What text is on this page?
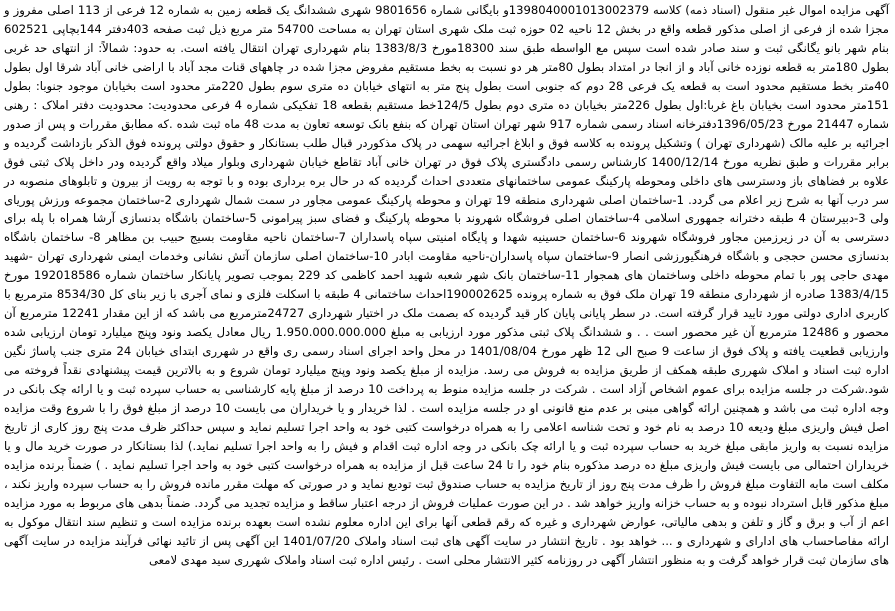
آگهی مزایده اموال غیر منقول (اسناد ذمه) کلاسه 1398040001013002379و بایگانی شماره 9801656 شهری ششدانگ یک قطعه زمین به شماره 12 فرعی از 113 اصلی مفروز و مجزا شده از فرعی از اصلی مذکور قطعه واقع در بخش 12 ناحیه 02 حوزه ثبت ملک شهری استان تهران به مساحت 54700 متر مربع ذیل ثبت صفحه 403دفتر 144بچاپی 602521 بنام شهر بانو یگانگی ثبت و سند صادر شده است سپس مع الواسطه طبق سند 18300مورخ 1383/8/3 بنام شهرداری تهران انتقال یافته است. به حدود: شمالاً: از انتهای حد غربی بطول 180متر به قطعه نوزده خانی آباد و از انجا در امتداد بطول 80متر هر دو نسبت به بخط مستقیم مفروض مجزا شده در چاههای قنات مجد آباد با اراضی خانی آباد شرقا اول بطول 40متر بخط مستقیم محدود است به قطعه یک فرعی 28 دوم که جنوبی است بطول پنج متر به انتهای خیابان ده متری سوم بطول 220متر محدود است بخیابان موجود جنوبا: بطول 151متر محدود است بخیابان باغ غربا:اول بطول 226متر بخیابان ده متری دوم بطول 124/5خط مستقیم بقطعه 18 تفکیکی شماره 4 فرعی محدودیت: محدودیت دفتر املاک : رهنی شماره 21447 مورخ 1396/05/23دفترخانه اسناد رسمی شماره 917 شهر تهران استان تهران که بنفع بانک توسعه تعاون به مدت 48 ماه ثبت شده .که مطابق مقررات و پس از صدور اجرائیه بر علیه مالک (شهرداری تهران ) وتشکیل پرونده به کلاسه فوق و ابلاغ اجرائیه سهمی در پلاک مذکوردر قبال طلب بستانکار و حقوق دولتی پرونده فوق الذکر بازداشت گردیده و برابر مقررات و طبق نظریه مورخ 1400/12/14 کارشناس رسمی دادگستری پلاک فوق در تهران خانی آباد تقاطع خیابان شهرداری وبلوار میلاد واقع گردیده ودر داخل پلاک ثبتی فوق علاوه بر فضاهای باز ودسترسی های داخلی ومحوطه پارکینگ عمومی ساختمانهای متعددی احداث گردیده که در حال بره برداری بوده و با توجه به رویت از بیرون و تابلوهای منصوبه در سر درب آنها به شرح زیر اعلام می گردد. 1-ساختمان اصلی شهرداری منطقه 19 تهران و محوطه پارکینگ عمومی مجاور در سمت شمال شهرداری 2-ساختمان مجموعه ورزش پوریای ولی 3-دبیرستان 4 طبقه دخترانه جمهوری اسلامی 4-ساختمان اصلی فروشگاه شهروند با محوطه پارکینگ و فضای سبز پیرامونی 5-ساختمان باشگاه بدنسازی آرشا همراه با پله برای دسترسی به آن در زیرزمین مجاور فروشگاه شهروند 6-ساختمان حسینیه شهدا و پایگاه امنیتی سپاه پاسداران 7-ساختمان ناحیه مقاومت بسیج حبیب بن مظاهر 8- ساختمان باشگاه بدنسازی محسن حججی و باشگاه فرهنگیورزشی انصار 9-ساختمان سپاه پاسداران-ناحیه مقاومت ابادر 10-ساختمان اصلی سازمان آتش نشانی وخدمات ایمنی شهرداری تهران -شهید مهدی حاجی پور با تمام محوطه داخلی وساختمان های همجوار 11-ساختمان بانک شهر شعبه شهید احمد کاظمی کد 229 بموجب تصویر پایانکار ساختمان شماره 192018586 مورخ 1383/4/15 صادره از شهرداری منطقه 19 تهران ملک فوق به شماره پرونده 190002625احداث ساختمانی 4 طبقه با اسکلت فلزی و نمای آجری با زیر بنای کل 8534/30 مترمربع با کاربری اداری دولتی مورد تایید قرار گرفته است. در سطر پایانی پایان کار قید گردیده که بصمت ملک در اختیار شهرداری 24727مترمربع می باشد که از این مقدار 12241 مترمربع آن محصور و 12486 مترمربع آن غیر محصور است . . و ششدانگ پلاک ثبتی مذکور مورد ارزیابی به مبلغ 1.950.000.000.000 ریال معادل یکصد ونود وپنج میلیارد تومان ارزیابی شده وارزیابی قطعیت یافته و پلاک فوق از ساعت 9 صبح الی 12 ظهر مورخ 1401/08/04 در محل واحد اجرای اسناد رسمی ری واقع در شهرری ابتدای خیابان 24 متری جنب پاساژ نگین اداره ثبت اسناد و املاک شهرری طبقه همکف از طریق مزایده به فروش می رسد. مزایده از مبلغ یکصد ونود وپنج میلیارد تومان شروع و به بالاترین قیمت پیشنهادی نقداً فروخته می شود.شرکت در جلسه مزایده برای عموم اشخاص آزاد است . شرکت در جلسه مزایده منوط به پرداخت 10 درصد از مبلغ پایه کارشناسی به حساب سپرده ثبت و یا ارائه چک بانکی در وجه اداره ثبت می باشد و همچنین ارائه گواهی مبنی بر عدم منع قانونی او در جلسه مزایده است . لذا خریدار و یا خریداران می بایست 10 درصد از مبلغ فوق را با شروع وقت مزایده اصل فیش واریزی مبلغ ودیعه 10 درصد به نام خود و تحت شناسه اعلامی را به همراه درخواست کتبی خود به واحد اجرا تسلیم نماید و سپس حداکثر ظرف مدت پنج روز کاری از تاریخ مزایده نسبت به واریز مابقی مبلغ خرید به حساب سپرده ثبت و یا ارائه چک بانکی در وجه اداره ثبت اقدام و فیش را به واحد اجرا تسلیم نماید.) لذا بستانکار در صورت خرید مال و یا خریداران احتمالی می بایست فیش واریزی مبلغ ده درصد مذکوره بنام خود را تا 24 ساعت قبل از مزایده به همراه درخواست کتبی خود به واحد اجرا تسلیم نماید . ) ضمناً برنده مزایده مکلف است مابه التفاوت مبلغ فروش را ظرف مدت پنج روز از تاریخ مزایده به حساب صندوق ثبت تودیع نماید و در صورتی که مهلت مقرر مانده فروش را به حساب سپرده واریز نکند ، مبلغ مذکور قابل استرداد نبوده و به حساب خزانه واریز خواهد شد . در این صورت عملیات فروش از درجه اعتبار ساقط و مزایده تجدید می گردد. ضمناً بدهی های مربوط به مورد مزایده اعم از آب و برق و گاز و تلفن و بدهی مالیاتی، عوارض شهرداری و غیره که رقم قطعی آنها برای این اداره معلوم نشده است بعهده برنده مزایده است و تنظیم سند انتقال موکول به ارائه مفاصاحساب های ادارای و شهرداری و ... خواهد بود . تاریخ انتشار در سایت آگهی های ثبت اسناد واملاک 1401/07/20 این آگهی پس از تائید نهائی فرآیند مزایده در سایت آگهی های سازمان ثبت قرار خواهد گرفت و به منظور انتشار آگهی در روزنامه کثیر الانتشار محلی است . رئیس اداره ثبت اسناد واملاک شهرری سید مهدی لامعی
